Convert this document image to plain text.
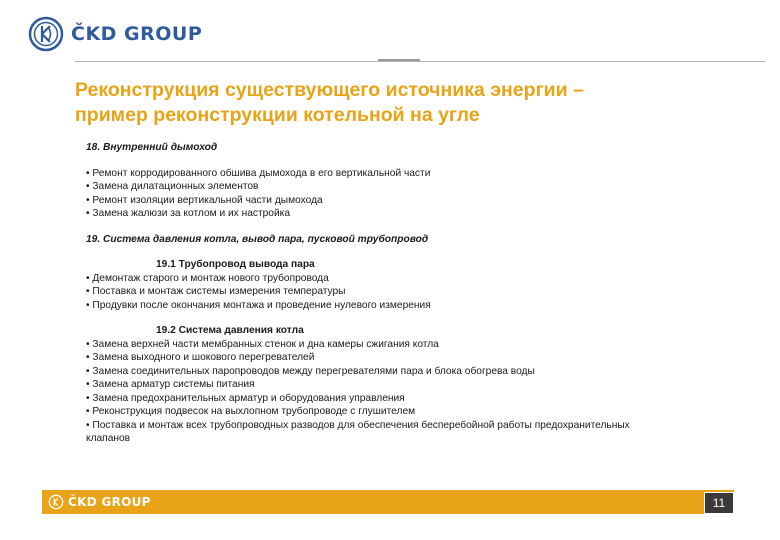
ČKD GROUP
Реконструкция существующего источника энергии –
пример реконструкции котельной на угле
18. Внутренний дымоход
• Ремонт корродированного обшива дымохода в его вертикальной части
• Замена дилатационных элементов
• Ремонт изоляции вертикальной части дымохода
• Замена жалюзи за котлом и их настройка
19. Система давления котла, вывод пара, пусковой трубопровод
19.1 Трубопровод вывода пара
• Демонтаж старого и монтаж нового трубопровода
• Поставка и монтаж системы измерения температуры
• Продувки после окончания монтажа и проведение нулевого измерения
19.2 Система давления котла
• Замена верхней части мембранных стенок и дна камеры сжигания котла
• Замена выходного и шокового перегревателей
• Замена соединительных паропроводов между перегревателями пара и блока обогрева воды
• Замена арматур системы питания
• Замена предохранительных арматур и оборудования управления
• Реконструкция подвесок на выхлопном трубопроводе с глушителем
• Поставка и монтаж всех трубопроводных разводов для обеспечения бесперебойной работы предохранительных
клапанов
ČKD GROUP	11
